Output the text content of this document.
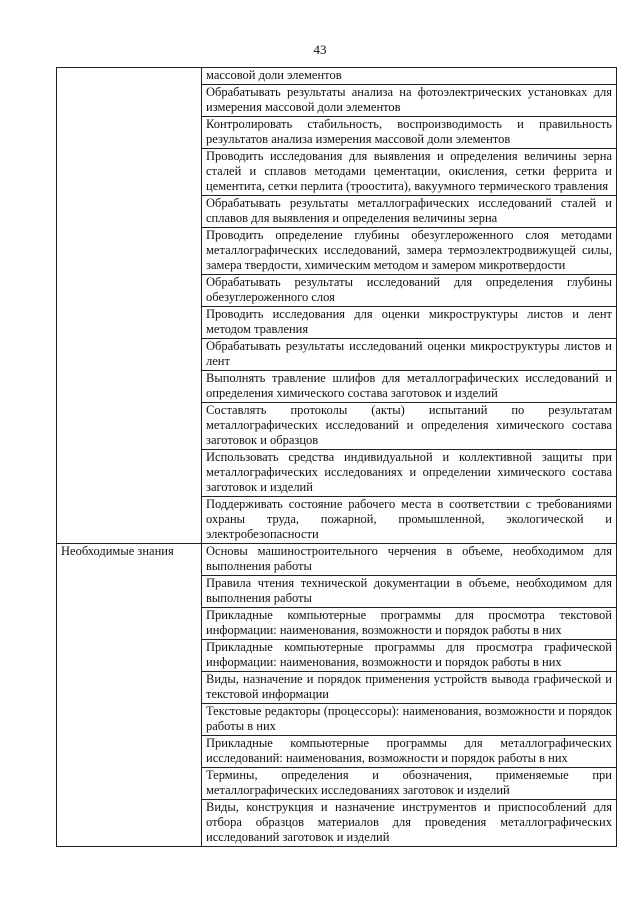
43
	массовой доли элементов
	Обрабатывать результаты анализа на фотоэлектрических установках для измерения массовой доли элементов
	Контролировать стабильность, воспроизводимость и правильность результатов анализа измерения массовой доли элементов
	Проводить исследования для выявления и определения величины зерна сталей и сплавов методами цементации, окисления, сетки феррита и цементита, сетки перлита (троостита), вакуумного термического травления
	Обрабатывать результаты металлографических исследований сталей и сплавов для выявления и определения величины зерна
	Проводить определение глубины обезуглероженного слоя методами металлографических исследований, замера термоэлектродвижущей силы, замера твердости, химическим методом и замером микротвердости
	Обрабатывать результаты исследований для определения глубины обезуглероженного слоя
	Проводить исследования для оценки микроструктуры листов и лент методом травления
	Обрабатывать результаты исследований оценки микроструктуры листов и лент
	Выполнять травление шлифов для металлографических исследований и определения химического состава заготовок и изделий
	Составлять протоколы (акты) испытаний по результатам металлографических исследований и определения химического состава заготовок и образцов
	Использовать средства индивидуальной и коллективной защиты при металлографических исследованиях и определении химического состава заготовок и изделий
	Поддерживать состояние рабочего места в соответствии с требованиями охраны труда, пожарной, промышленной, экологической и электробезопасности
Необходимые знания	Основы машиностроительного черчения в объеме, необходимом для выполнения работы
	Правила чтения технической документации в объеме, необходимом для выполнения работы
	Прикладные компьютерные программы для просмотра текстовой информации: наименования, возможности и порядок работы в них
	Прикладные компьютерные программы для просмотра графической информации: наименования, возможности и порядок работы в них
	Виды, назначение и порядок применения устройств вывода графической и текстовой информации
	Текстовые редакторы (процессоры): наименования, возможности и порядок работы в них
	Прикладные компьютерные программы для металлографических исследований: наименования, возможности и порядок работы в них
	Термины, определения и обозначения, применяемые при металлографических исследованиях заготовок и изделий
	Виды, конструкция и назначение инструментов и приспособлений для отбора образцов материалов для проведения металлографических исследований заготовок и изделий
